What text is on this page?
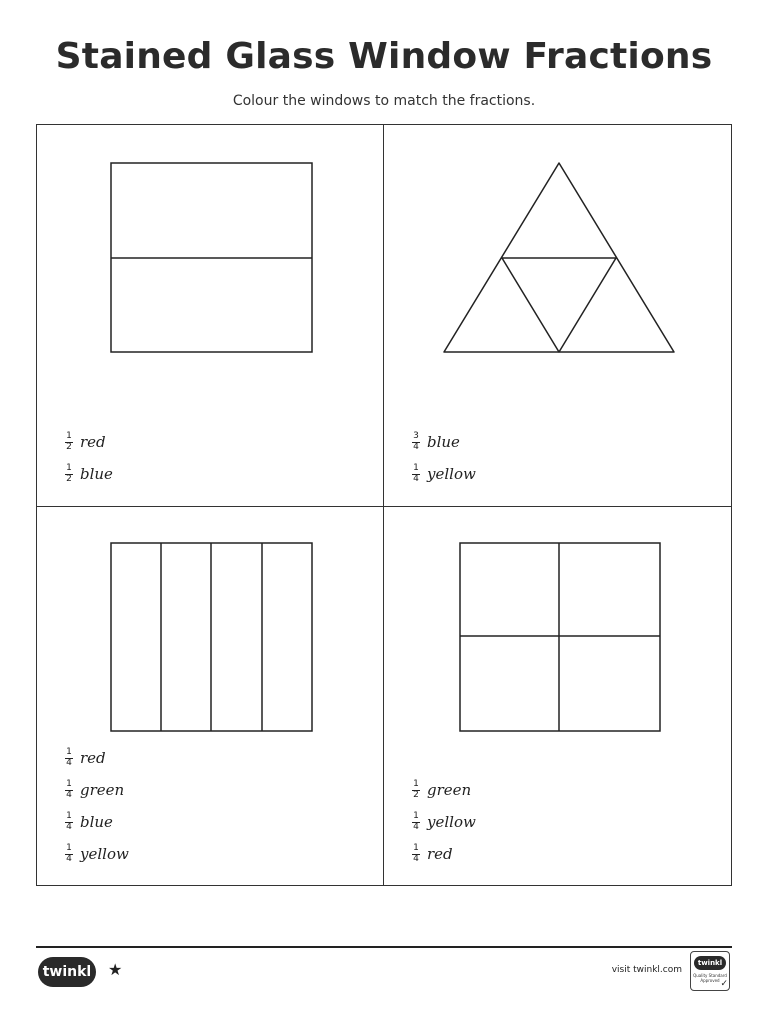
Stained Glass Window Fractions
Colour the windows to match the fractions.
$\frac{1}{2}$ red
$\frac{1}{2}$ blue
$\frac{3}{4}$ blue
$\frac{1}{4}$ yellow
$\frac{1}{4}$ red
$\frac{1}{4}$ green
$\frac{1}{4}$ blue
$\frac{1}{4}$ yellow
$\frac{1}{2}$ green
$\frac{1}{4}$ yellow
$\frac{1}{4}$ red
twinkl ★	visit twinkl.com
twinkl
Quality Standard Approved ✓
